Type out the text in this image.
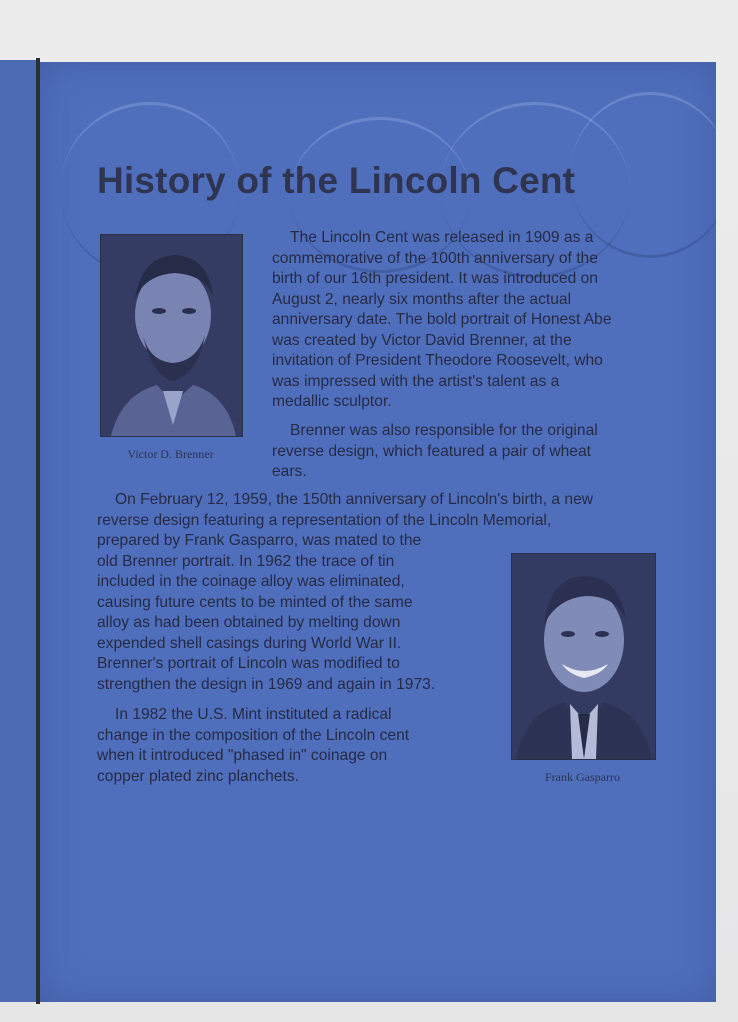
History of the Lincoln Cent
Victor D. Brenner
The Lincoln Cent was released in 1909 as a
commemorative of the 100th anniversary of the
birth of our 16th president. It was introduced on
August 2, nearly six months after the actual
anniversary date. The bold portrait of Honest Abe
was created by Victor David Brenner, at the
invitation of President Theodore Roosevelt, who
was impressed with the artist's talent as a
medallic sculptor.
Brenner was also responsible for the original
reverse design, which featured a pair of wheat
ears.
On February 12, 1959, the 150th anniversary of Lincoln's birth, a new
reverse design featuring a representation of the Lincoln Memorial,
prepared by Frank Gasparro, was mated to the
old Brenner portrait. In 1962 the trace of tin
included in the coinage alloy was eliminated,
causing future cents to be minted of the same
alloy as had been obtained by melting down
expended shell casings during World War II.
Brenner's portrait of Lincoln was modified to
strengthen the design in 1969 and again in 1973.
In 1982 the U.S. Mint instituted a radical
change in the composition of the Lincoln cent
when it introduced "phased in" coinage on
copper plated zinc planchets.	Frank Gasparro
